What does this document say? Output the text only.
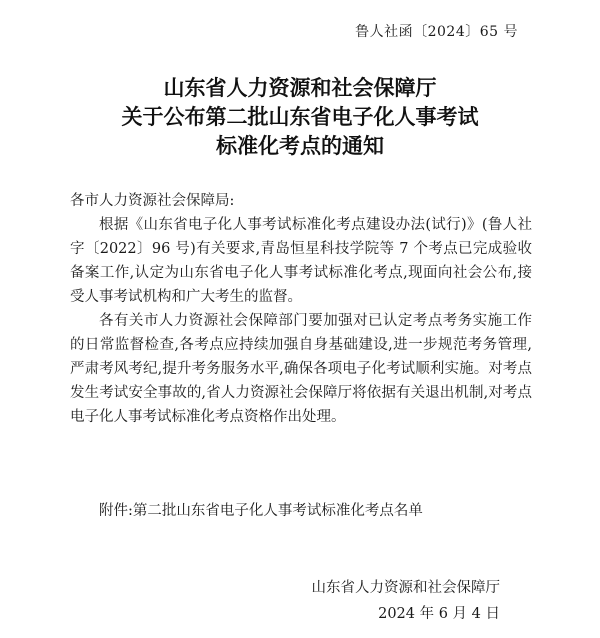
鲁人社函〔2024〕65 号
山东省人力资源和社会保障厅
关于公布第二批山东省电子化人事考试
标准化考点的通知

各市人力资源社会保障局:

根据《山东省电子化人事考试标准化考点建设办法(试行)》(鲁人社字〔2022〕96 号)有关要求,青岛恒星科技学院等 7 个考点已完成验收备案工作,认定为山东省电子化人事考试标准化考点,现面向社会公布,接受人事考试机构和广大考生的监督。

各有关市人力资源社会保障部门要加强对已认定考点考务实施工作的日常监督检查,各考点应持续加强自身基础建设,进一步规范考务管理,严肃考风考纪,提升考务服务水平,确保各项电子化考试顺利实施。对考点发生考试安全事故的,省人力资源社会保障厅将依据有关退出机制,对考点电子化人事考试标准化考点资格作出处理。

附件:第二批山东省电子化人事考试标准化考点名单
山东省人力资源和社会保障厅
2024 年 6 月 4 日
